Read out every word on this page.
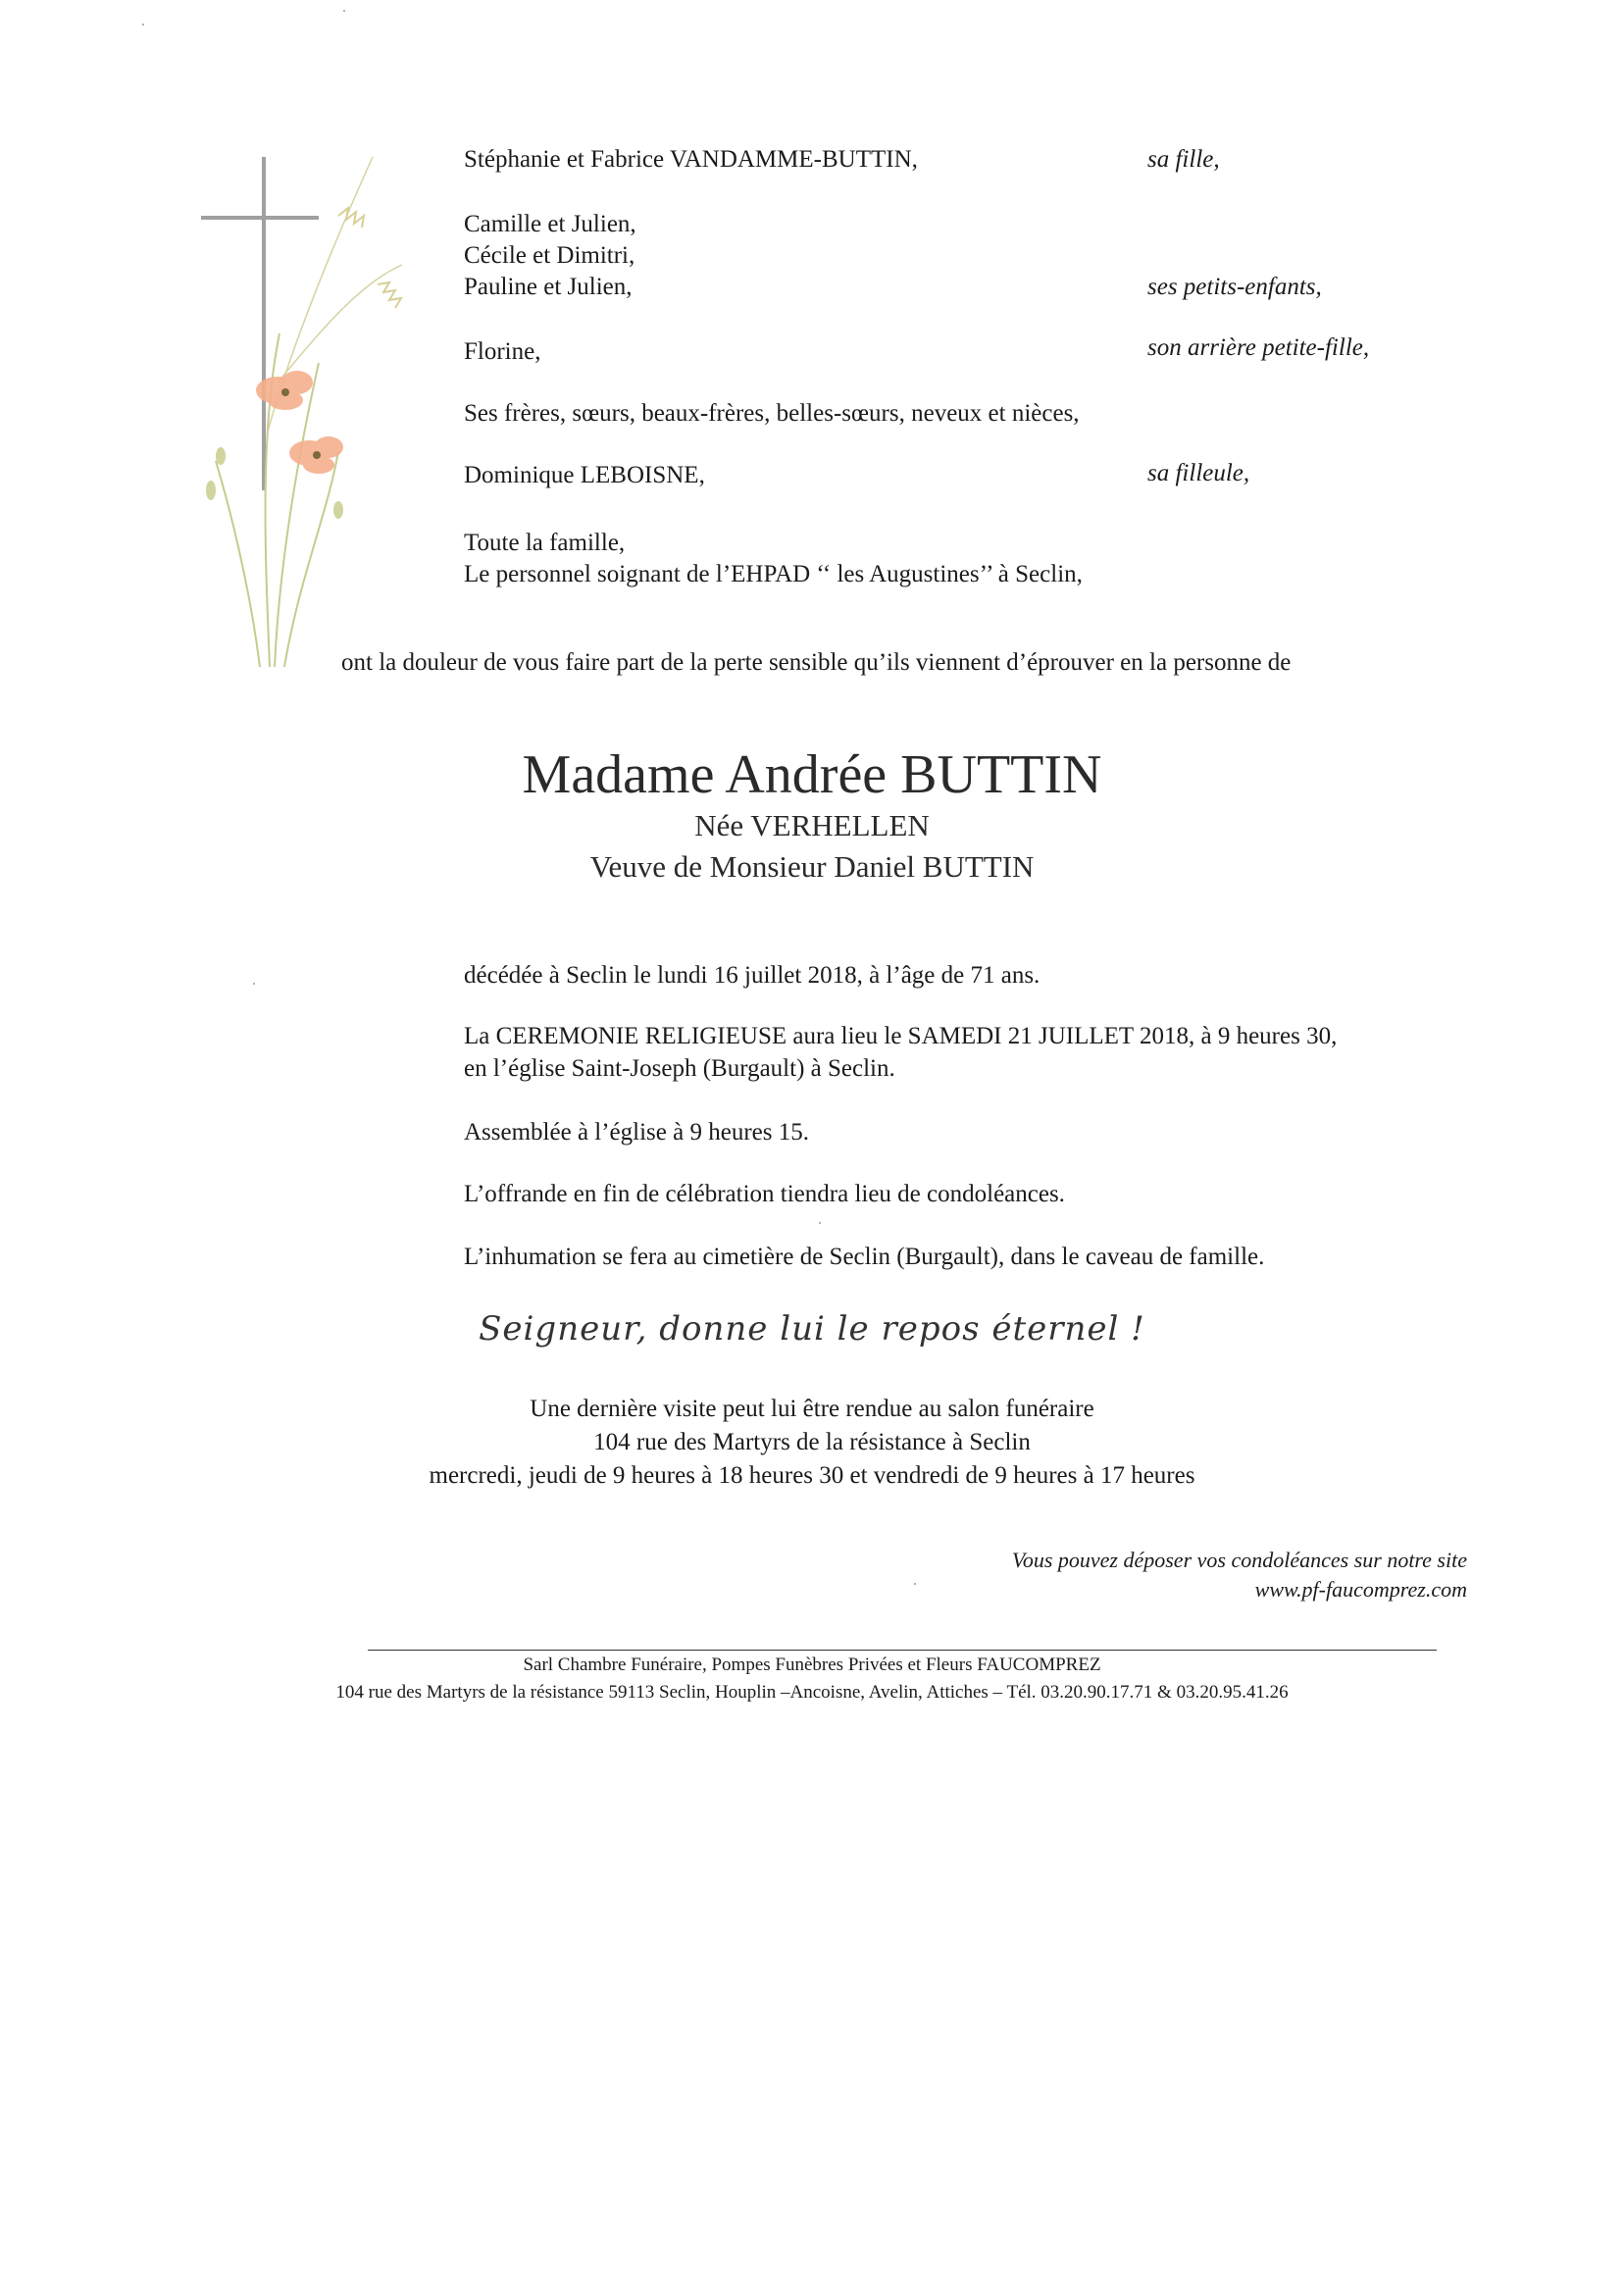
Stéphanie et Fabrice VANDAMME-BUTTIN,	sa fille,
Camille et Julien,
Cécile et Dimitri,
Pauline et Julien,	ses petits-enfants,
Florine,	son arrière petite-fille,
Ses frères, sœurs, beaux-frères, belles-sœurs, neveux et nièces,
Dominique LEBOISNE,	sa filleule,
Toute la famille,
Le personnel soignant de l’EHPAD ‘‘ les Augustines’’ à Seclin,
ont la douleur de vous faire part de la perte sensible qu’ils viennent d’éprouver en la personne de
Madame Andrée BUTTIN
Née VERHELLEN
Veuve de Monsieur Daniel BUTTIN
décédée à Seclin le lundi 16 juillet 2018, à l’âge de 71 ans.
La CEREMONIE RELIGIEUSE aura lieu le SAMEDI 21 JUILLET 2018, à 9 heures 30,
en l’église Saint-Joseph (Burgault) à Seclin.
Assemblée à l’église à 9 heures 15.
L’offrande en fin de célébration tiendra lieu de condoléances.
L’inhumation se fera au cimetière de Seclin (Burgault), dans le caveau de famille.
Seigneur, donne lui le repos éternel !
Une dernière visite peut lui être rendue au salon funéraire
104 rue des Martyrs de la résistance à Seclin
mercredi, jeudi de 9 heures à 18 heures 30 et vendredi de 9 heures à 17 heures
Vous pouvez déposer vos condoléances sur notre site
www.pf-faucomprez.com
Sarl Chambre Funéraire, Pompes Funèbres Privées et Fleurs FAUCOMPREZ
104 rue des Martyrs de la résistance 59113 Seclin, Houplin –Ancoisne, Avelin, Attiches – Tél. 03.20.90.17.71 & 03.20.95.41.26
